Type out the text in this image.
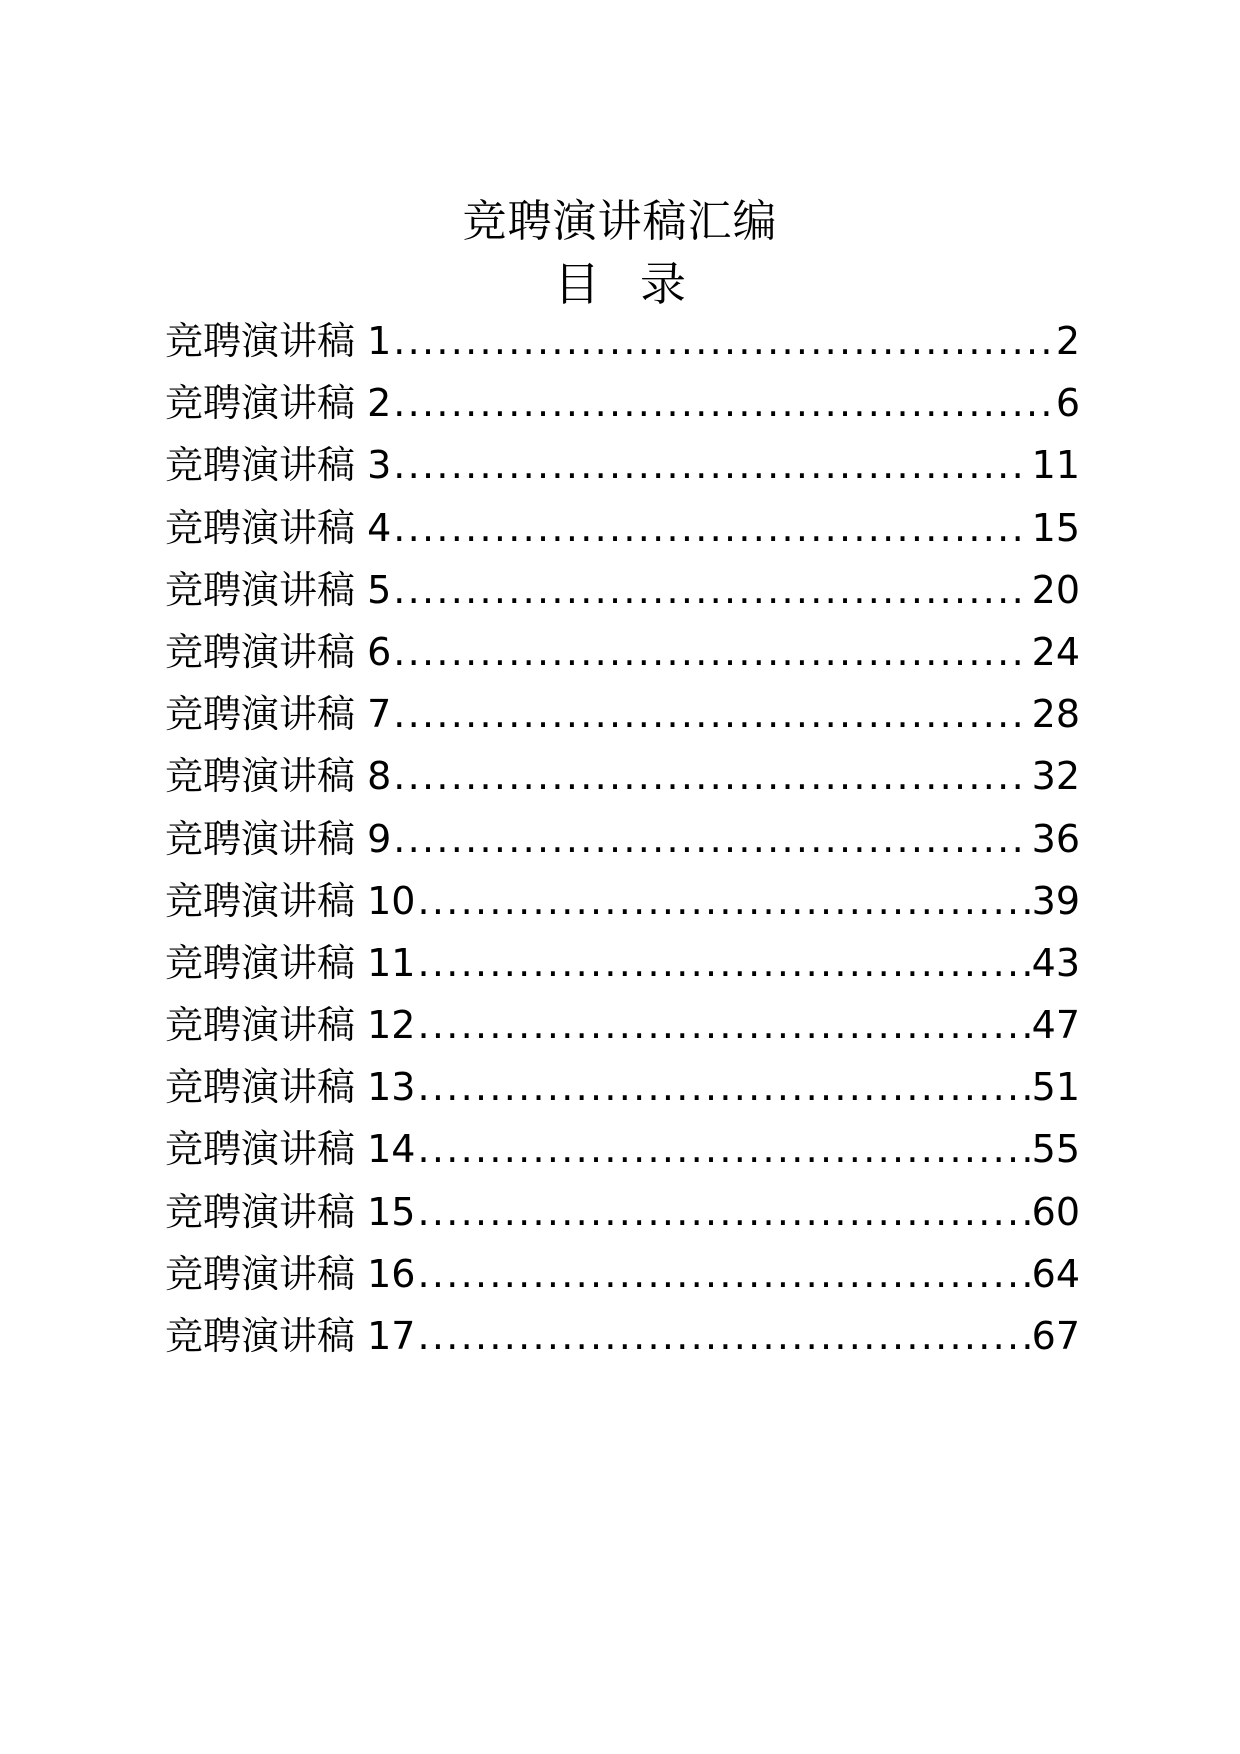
竞聘演讲稿汇编
目 录
竞聘演讲稿 1 .....	2
竞聘演讲稿 2 .....	6
竞聘演讲稿 3 .....	11
竞聘演讲稿 4 .....	15
竞聘演讲稿 5 .....	20
竞聘演讲稿 6 .....	24
竞聘演讲稿 7 .....	28
竞聘演讲稿 8 .....	32
竞聘演讲稿 9 .....	36
竞聘演讲稿 10 .....	39
竞聘演讲稿 11 .....	43
竞聘演讲稿 12 .....	47
竞聘演讲稿 13 .....	51
竞聘演讲稿 14 .....	55
竞聘演讲稿 15 .....	60
竞聘演讲稿 16 .....	64
竞聘演讲稿 17 .....	67
